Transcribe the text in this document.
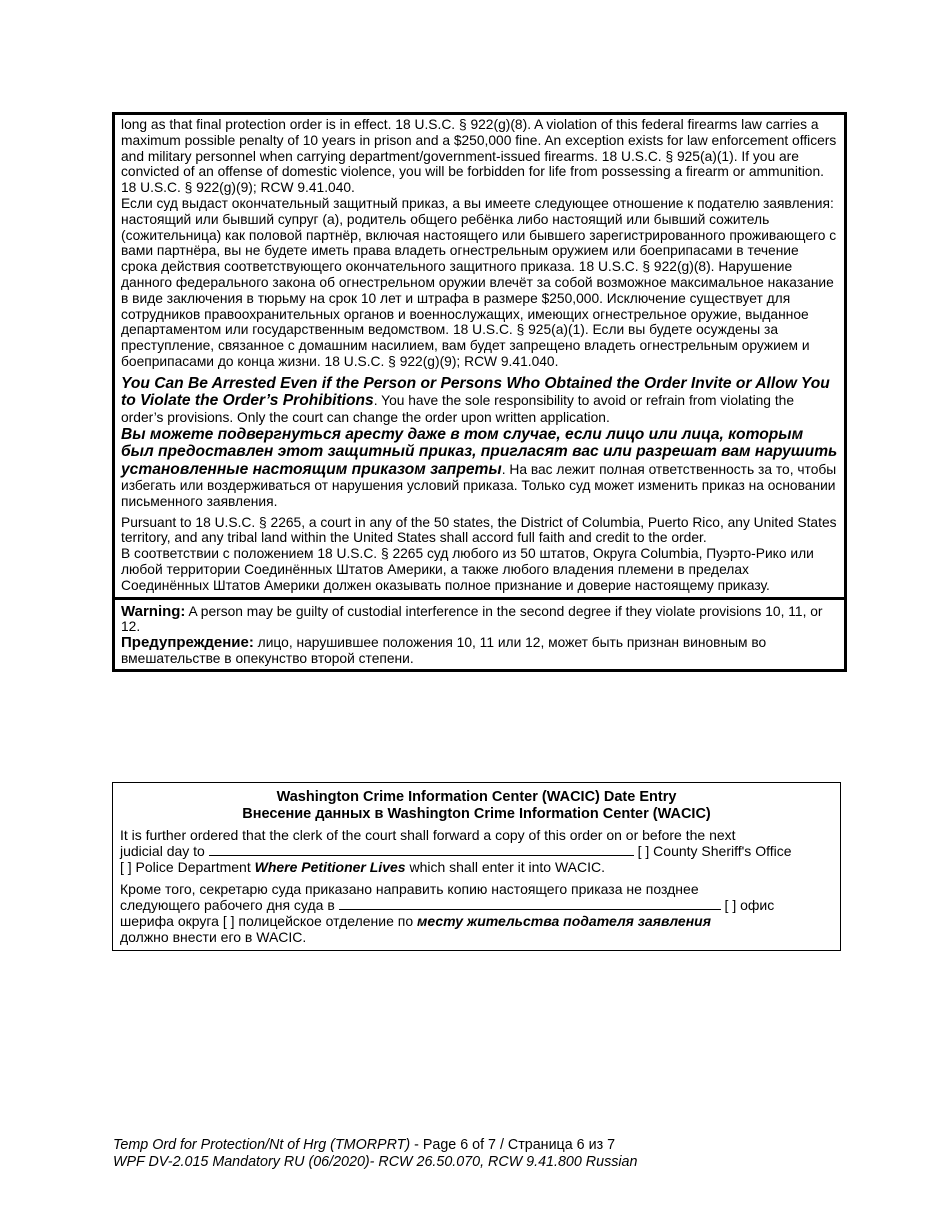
long as that final protection order is in effect. 18 U.S.C. § 922(g)(8). A violation of this federal firearms law carries a maximum possible penalty of 10 years in prison and a $250,000 fine. An exception exists for law enforcement officers and military personnel when carrying department/government-issued firearms. 18 U.S.C. § 925(a)(1). If you are convicted of an offense of domestic violence, you will be forbidden for life from possessing a firearm or ammunition. 18 U.S.C. § 922(g)(9); RCW 9.41.040.

Если суд выдаст окончательный защитный приказ, а вы имеете следующее отношение к подателю заявления: настоящий или бывший супруг (а), родитель общего ребёнка либо настоящий или бывший сожитель (сожительница) как половой партнёр, включая настоящего или бывшего зарегистрированного проживающего с вами партнёра, вы не будете иметь права владеть огнестрельным оружием или боеприпасами в течение срока действия соответствующего окончательного защитного приказа. 18 U.S.C. § 922(g)(8). Нарушение данного федерального закона об огнестрельном оружии влечёт за собой возможное максимальное наказание в виде заключения в тюрьму на срок 10 лет и штрафа в размере $250,000. Исключение существует для сотрудников правоохранительных органов и военнослужащих, имеющих огнестрельное оружие, выданное департаментом или государственным ведомством. 18 U.S.C. § 925(a)(1). Если вы будете осуждены за преступление, связанное с домашним насилием, вам будет запрещено владеть огнестрельным оружием и боеприпасами до конца жизни. 18 U.S.C. § 922(g)(9); RCW 9.41.040.

You Can Be Arrested Even if the Person or Persons Who Obtained the Order Invite or Allow You to Violate the Order’s Prohibitions. You have the sole responsibility to avoid or refrain from violating the order’s provisions. Only the court can change the order upon written application.

Вы можете подвергнуться аресту даже в том случае, если лицо или лица, которым был предоставлен этот защитный приказ, пригласят вас или разрешат вам нарушить установленные настоящим приказом запреты. На вас лежит полная ответственность за то, чтобы избегать или воздерживаться от нарушения условий приказа. Только суд может изменить приказ на основании письменного заявления.

Pursuant to 18 U.S.C. § 2265, a court in any of the 50 states, the District of Columbia, Puerto Rico, any United States territory, and any tribal land within the United States shall accord full faith and credit to the order.

В соответствии с положением 18 U.S.C. § 2265 суд любого из 50 штатов, Округа Columbia, Пуэрто-Рико или любой территории Соединённых Штатов Америки, а также любого владения племени в пределах Соединённых Штатов Америки должен оказывать полное признание и доверие настоящему приказу.

Warning: A person may be guilty of custodial interference in the second degree if they violate provisions 10, 11, or 12.

Предупреждение: лицо, нарушившее положения 10, 11 или 12, может быть признан виновным во вмешательстве в опекунство второй степени.

Washington Crime Information Center (WACIC) Date Entry
Внесение данных в Washington Crime Information Center (WACIC)

It is further ordered that the clerk of the court shall forward a copy of this order on or before the next

judicial day to	[ ] County Sheriff's Office

[ ] Police Department Where Petitioner Lives which shall enter it into WACIC.

Кроме того, секретарю суда приказано направить копию настоящего приказа не позднее

следующего рабочего дня суда в	[ ] офис

шерифа округа [ ] полицейское отделение по месту жительства подателя заявления

должно внести его в WACIC.

Temp Ord for Protection/Nt of Hrg (TMORPRT) - Page 6 of 7 / Страница 6 из 7
WPF DV-2.015 Mandatory RU (06/2020)- RCW 26.50.070, RCW 9.41.800 Russian
